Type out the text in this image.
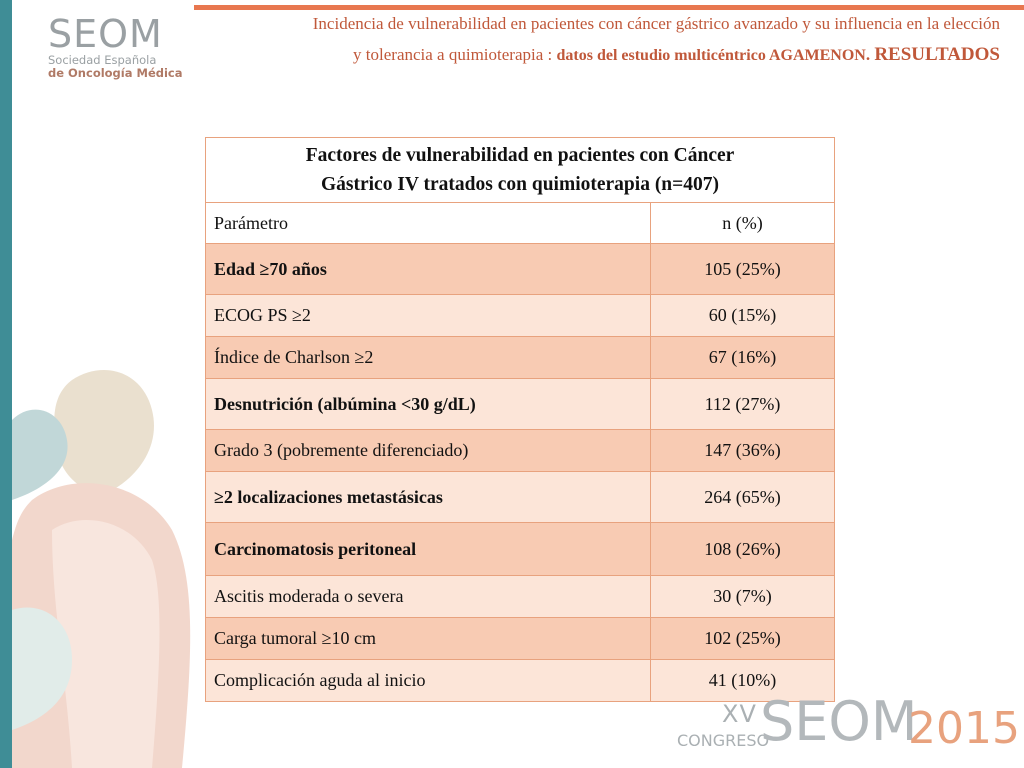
SEOM
Sociedad Española
de Oncología Médica
Incidencia de vulnerabilidad en pacientes con cáncer gástrico avanzado y su influencia en la elección
y tolerancia a quimioterapia : datos del estudio multicéntrico AGAMENON. RESULTADOS
Factores de vulnerabilidad en pacientes con Cáncer
Gástrico IV tratados con quimioterapia (n=407)	
Parámetro	n (%)
Edad ≥70 años	105 (25%)
ECOG PS ≥2	60 (15%)
Índice de Charlson ≥2	67 (16%)
Desnutrición (albúmina <30 g/dL)	112 (27%)
Grado 3 (pobremente diferenciado)	147 (36%)
≥2 localizaciones metastásicas	264 (65%)
Carcinomatosis peritoneal	108 (26%)
Ascitis moderada o severa	30 (7%)
Carga tumoral ≥10 cm	102 (25%)
Complicación aguda al inicio	41 (10%)
XV
CONGRESO
SEOM
2015
